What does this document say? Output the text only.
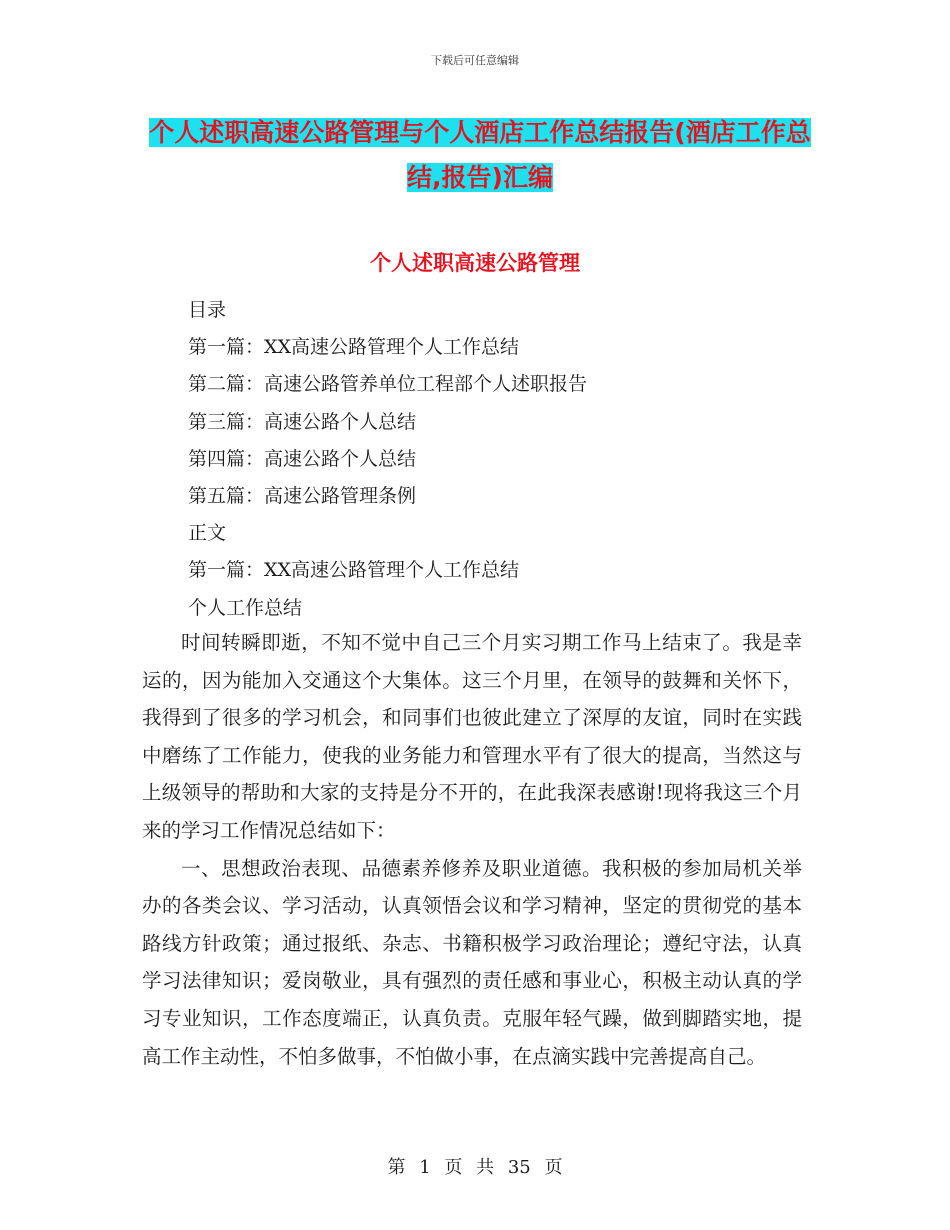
下载后可任意编辑
个人述职高速公路管理与个人酒店工作总结报告(酒店工作总结,报告)汇编
个人述职高速公路管理
目录
第一篇：XX高速公路管理个人工作总结
第二篇：高速公路管养单位工程部个人述职报告
第三篇：高速公路个人总结
第四篇：高速公路个人总结
第五篇：高速公路管理条例
正文
第一篇：XX高速公路管理个人工作总结
个人工作总结

时间转瞬即逝，不知不觉中自己三个月实习期工作马上结束了。我是幸运的，因为能加入交通这个大集体。这三个月里，在领导的鼓舞和关怀下，我得到了很多的学习机会，和同事们也彼此建立了深厚的友谊，同时在实践中磨练了工作能力，使我的业务能力和管理水平有了很大的提高，当然这与上级领导的帮助和大家的支持是分不开的，在此我深表感谢!现将我这三个月来的学习工作情况总结如下：

一、思想政治表现、品德素养修养及职业道德。我积极的参加局机关举办的各类会议、学习活动，认真领悟会议和学习精神，坚定的贯彻党的基本路线方针政策；通过报纸、杂志、书籍积极学习政治理论；遵纪守法，认真学习法律知识；爱岗敬业，具有强烈的责任感和事业心，积极主动认真的学习专业知识，工作态度端正，认真负责。克服年轻气躁，做到脚踏实地，提高工作主动性，不怕多做事，不怕做小事，在点滴实践中完善提高自己。

第 1 页 共 35 页
